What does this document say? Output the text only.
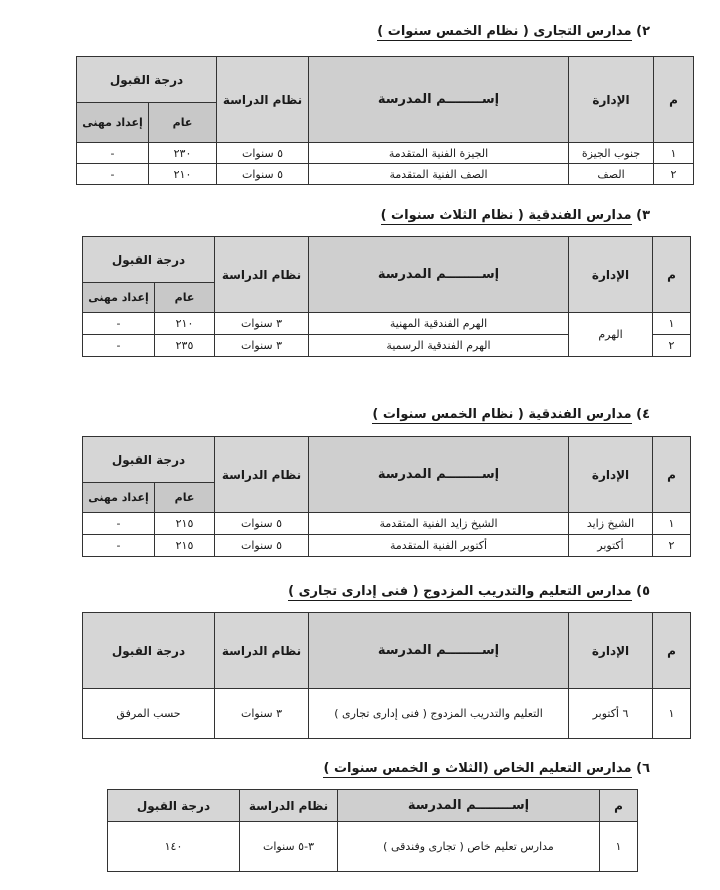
٢) مدارس التجارى ( نظام الخمس سنوات )
م	الإدارة	إســــــــم المدرسة	نظام الدراسة	درجة القبول	
				عام	إعداد مهنى
١	جنوب الجيزة	الجيزة الفنية المتقدمة	٥ سنوات	٢٣٠	-
٢	الصف	الصف الفنية المتقدمة	٥ سنوات	٢١٠	-
٣) مدارس الفندقية ( نظام الثلاث سنوات )
م	الإدارة	إســــــــم المدرسة	نظام الدراسة	درجة القبول	
				عام	إعداد مهنى
١	الهرم	الهرم الفندقية المهنية	٣ سنوات	٢١٠	-
٢		الهرم الفندقية الرسمية	٣ سنوات	٢٣٥	-
٤) مدارس الفندقية ( نظام الخمس سنوات )
م	الإدارة	إســــــــم المدرسة	نظام الدراسة	درجة القبول	
				عام	إعداد مهنى
١	الشيخ زايد	الشيخ زايد الفنية المتقدمة	٥ سنوات	٢١٥	-
٢	أكتوبر	أكتوبر الفنية المتقدمة	٥ سنوات	٢١٥	-
٥) مدارس التعليم والتدريب المزدوج ( فنى إدارى تجارى )
م	الإدارة	إســــــــم المدرسة	نظام الدراسة	درجة القبول
١	٦ أكتوبر	التعليم والتدريب المزدوج ( فنى إدارى تجارى )	٣ سنوات	حسب المرفق
٦) مدارس التعليم الخاص (الثلاث و الخمس سنوات )
م	إســــــــم المدرسة	نظام الدراسة	درجة القبول
١	مدارس تعليم خاص ( تجارى وفندقى )	٣-٥ سنوات	١٤٠
